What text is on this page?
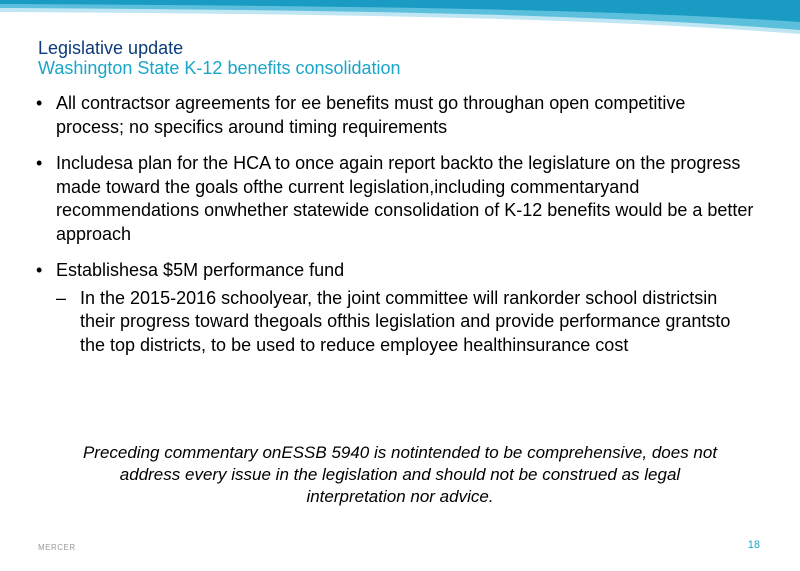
Legislative update
Washington State K-12 benefits consolidation
• All contractsor agreements for ee benefits must go throughan open competitive process; no specifics around timing requirements
• Includesa plan for the HCA to once again report backto the legislature on the progress made toward the goals ofthe current legislation,including commentaryand recommendations onwhether statewide consolidation of K-12 benefits would be a better approach
• Establishesa $5M performance fund
– In the 2015-2016 schoolyear, the joint committee will rankorder school districtsin their progress toward thegoals ofthis legislation and provide performance grantsto the top districts, to be used to reduce employee healthinsurance cost
Preceding commentary onESSB 5940 is notintended to be comprehensive, does not address every issue in the legislation and should not be construed as legal interpretation nor advice.
MERCER	18
